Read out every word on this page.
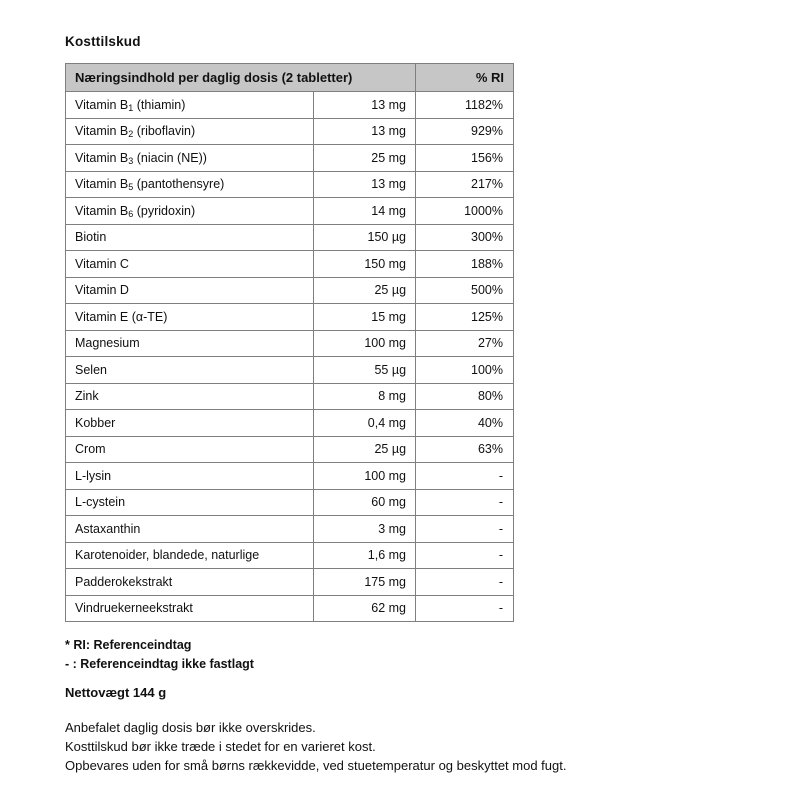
Kosttilskud
Næringsindhold per daglig dosis (2 tabletter)		% RI
Vitamin $B_1$ (thiamin)	13 mg	1182%
Vitamin $B_2$ (riboflavin)	13 mg	929%
Vitamin $B_3$ (niacin (NE))	25 mg	156%
Vitamin $B_5$ (pantothensyre)	13 mg	217%
Vitamin $B_6$ (pyridoxin)	14 mg	1000%
Biotin	150 µg	300%
Vitamin C	150 mg	188%
Vitamin D	25 µg	500%
Vitamin E (α-TE)	15 mg	125%
Magnesium	100 mg	27%
Selen	55 µg	100%
Zink	8 mg	80%
Kobber	0,4 mg	40%
Crom	25 µg	63%
L-lysin	100 mg	-
L-cystein	60 mg	-
Astaxanthin	3 mg	-
Karotenoider, blandede, naturlige	1,6 mg	-
Padderokekstrakt	175 mg	-
Vindruekerneekstrakt	62 mg	-
* RI: Referenceindtag
- : Referenceindtag ikke fastlagt
Nettovægt 144 g
Anbefalet daglig dosis bør ikke overskrides.
Kosttilskud bør ikke træde i stedet for en varieret kost.
Opbevares uden for små børns rækkevidde, ved stuetemperatur og beskyttet mod fugt.
